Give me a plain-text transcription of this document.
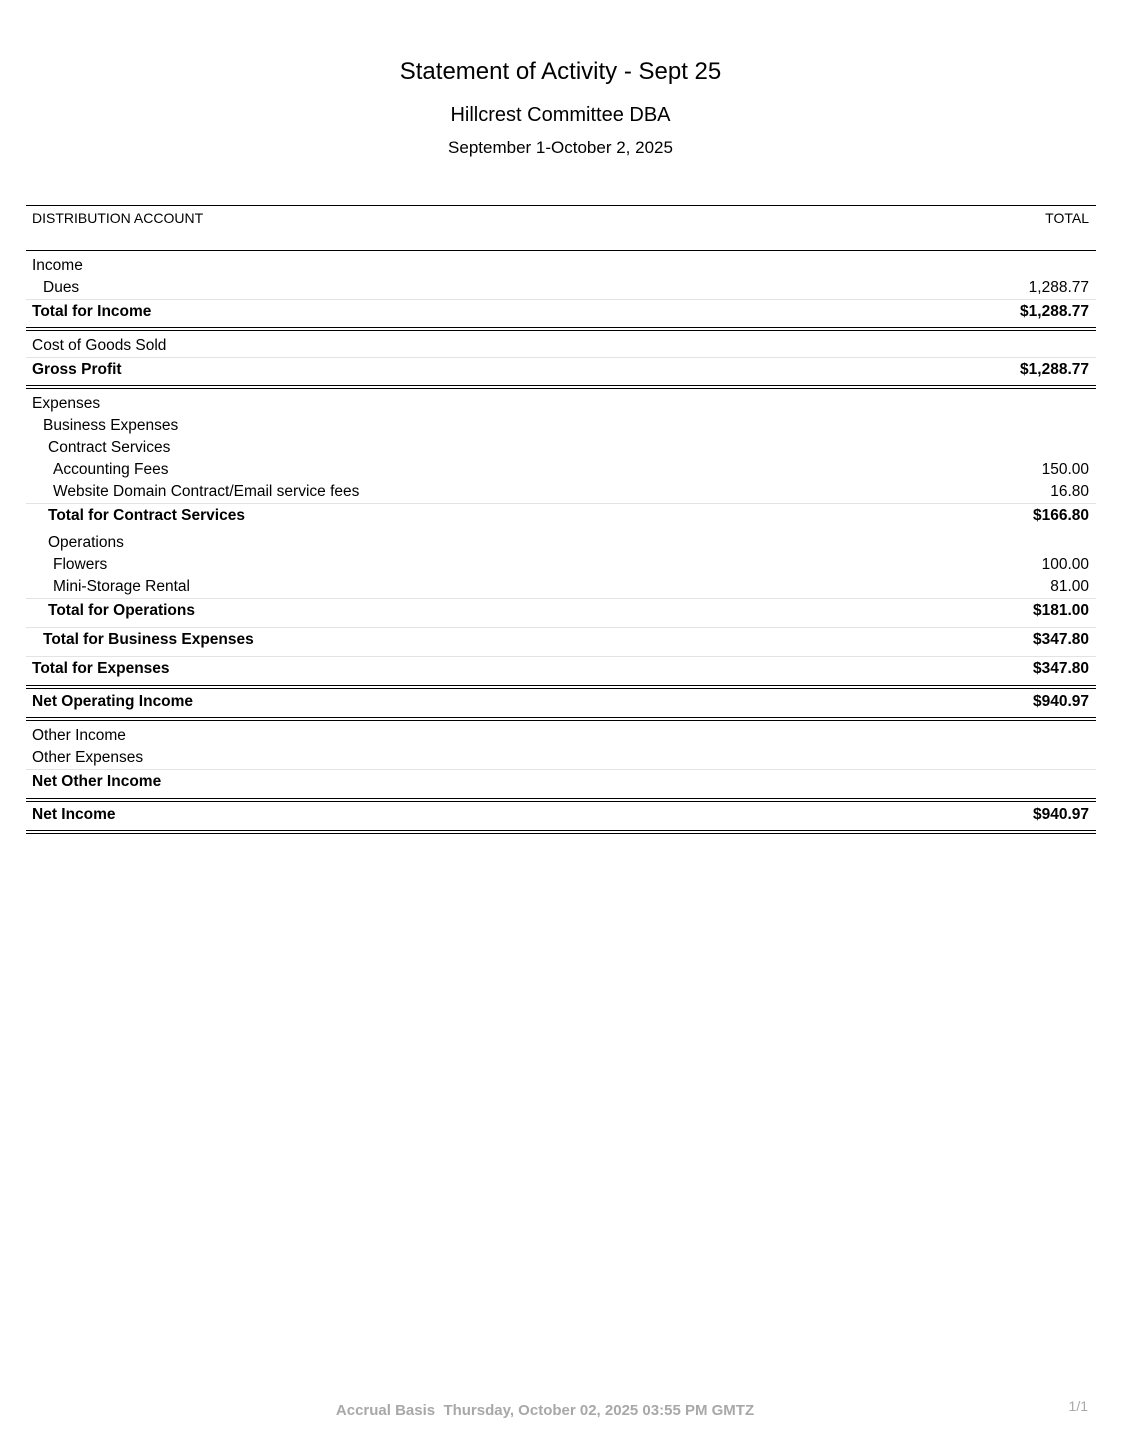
Statement of Activity - Sept 25
Hillcrest Committee DBA
September 1-October 2, 2025
DISTRIBUTION ACCOUNT	TOTAL
Income
Dues	1,288.77
Total for Income	$1,288.77
Cost of Goods Sold
Gross Profit	$1,288.77
Expenses
Business Expenses
Contract Services
Accounting Fees	150.00
Website Domain Contract/Email service fees	16.80
Total for Contract Services	$166.80
Operations
Flowers	100.00
Mini-Storage Rental	81.00
Total for Operations	$181.00
Total for Business Expenses	$347.80
Total for Expenses	$347.80
Net Operating Income	$940.97
Other Income
Other Expenses
Net Other Income
Net Income	$940.97
Accrual Basis  Thursday, October 02, 2025 03:55 PM GMTZ	1/1
